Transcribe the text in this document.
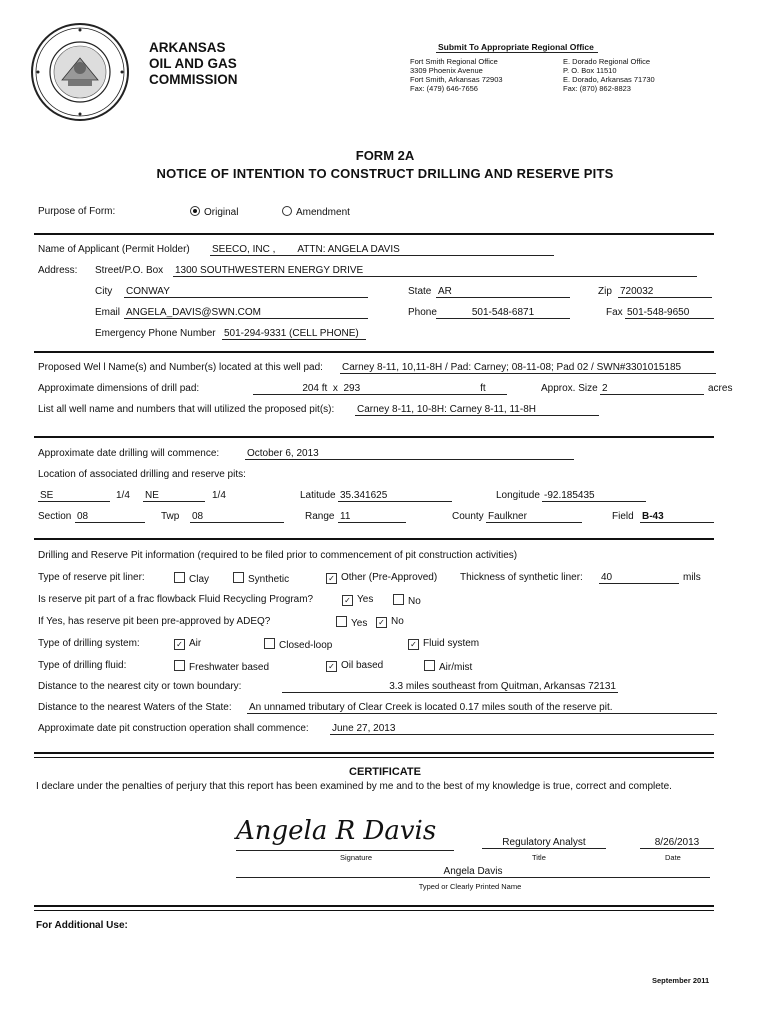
ARKANSAS
OIL AND GAS
COMMISSION
Submit To Appropriate Regional Office
Fort Smith Regional Office
3309 Phoenix Avenue
Fort Smith, Arkansas 72903
Fax: (479) 646-7656
E. Dorado Regional Office
P. O. Box 11510
E. Dorado, Arkansas 71730
Fax: (870) 862-8823
FORM 2A
NOTICE OF INTENTION TO CONSTRUCT DRILLING AND RESERVE PITS
Purpose of Form:	Original	Amendment
Name of Applicant (Permit Holder) SEECO, INC , ATTN: ANGELA DAVIS
Address: Street/P.O. Box 1300 SOUTHWESTERN ENERGY DRIVE
City CONWAY	State AR	Zip 720032
Email ANGELA_DAVIS@SWN.COM	Phone	501-548-6871	Fax 501-548-9650
Emergency Phone Number 501-294-9331 (CELL PHONE)
Proposed Wel l Name(s) and Number(s) located at this well pad: Carney 8-11, 10,11-8H / Pad: Carney; 08-11-08; Pad 02 / SWN#3301015185
Approximate dimensions of drill pad:	204 ft x 293	ft	Approx. Size 2	acres
List all well name and numbers that will utilized the proposed pit(s): Carney 8-11, 10-8H: Carney 8-11, 11-8H
Approximate date drilling will commence:	October 6, 2013
Location of associated drilling and reserve pits:
SE	1/4 NE	1/4	Latitude 35.341625	Longitude -92.185435
Section 08	Twp 08	Range 11	County Faulkner	Field B-43
Drilling and Reserve Pit information (required to be filed prior to commencement of pit construction activities)
Type of reserve pit liner:	Clay	Synthetic	✓ Other (Pre-Approved) Thickness of synthetic liner: 40	mils
Is reserve pit part of a frac flowback Fluid Recycling Program?	✓ Yes	No
If Yes, has reserve pit been pre-approved by ADEQ?	Yes ✓ No
Type of drilling system:	✓ Air	Closed-loop	✓ Fluid system
Type of drilling fluid:	Freshwater based	✓ Oil based	Air/mist
Distance to the nearest city or town boundary:	3.3 miles southeast from Quitman, Arkansas 72131
Distance to the nearest Waters of the State: An unnamed tributary of Clear Creek is located 0.17 miles south of the reserve pit.
Approximate date pit construction operation shall commence: June 27, 2013
CERTIFICATE
I declare under the penalties of perjury that this report has been examined by me and to the best of my knowledge is true, correct and complete.
Angela R Davis
Signature
Regulatory Analyst
Title
8/26/2013
Date
Angela Davis
Typed or Clearly Printed Name
For Additional Use:
September 2011
